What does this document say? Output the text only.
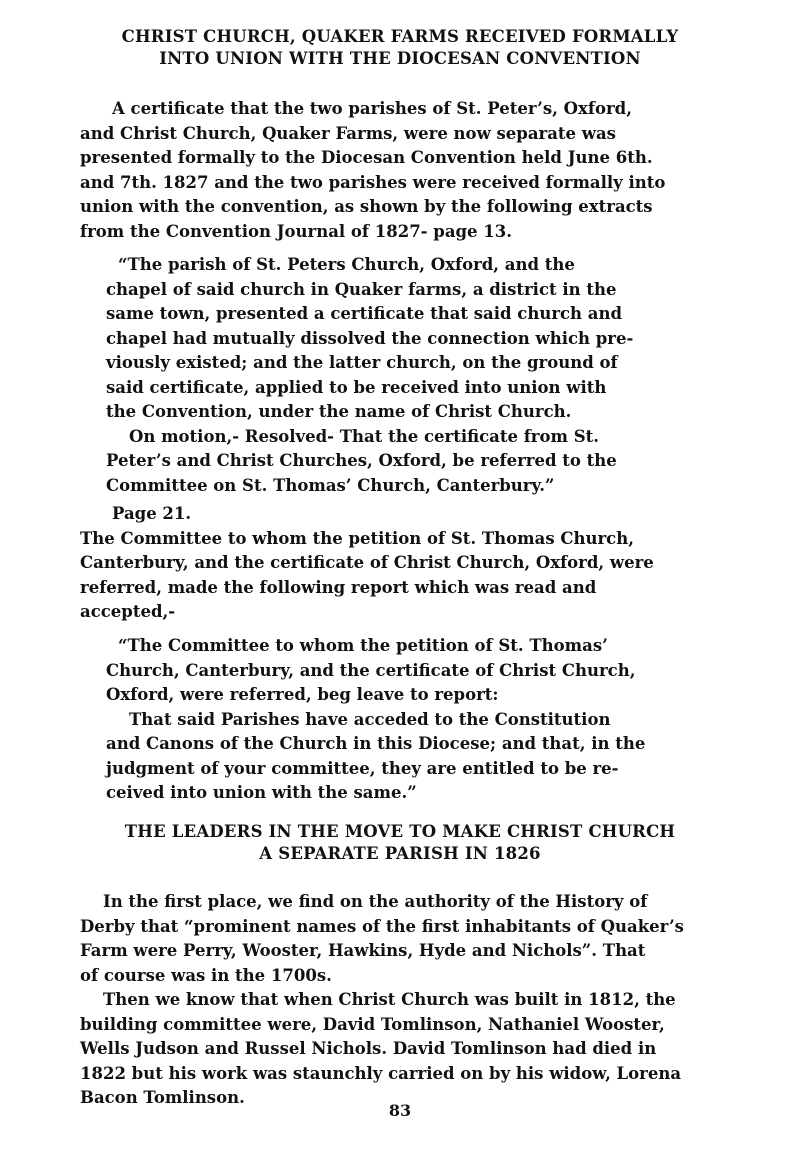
CHRIST CHURCH, QUAKER FARMS RECEIVED FORMALLY
INTO UNION WITH THE DIOCESAN CONVENTION
A certificate that the two parishes of St. Peter’s, Oxford,
and Christ Church, Quaker Farms, were now separate was
presented formally to the Diocesan Convention held June 6th.
and 7th. 1827 and the two parishes were received formally into
union with the convention, as shown by the following extracts
from the Convention Journal of 1827- page 13.
“The parish of St. Peters Church, Oxford, and the
chapel of said church in Quaker farms, a district in the
same town, presented a certificate that said church and
chapel had mutually dissolved the connection which pre-
viously existed; and the latter church, on the ground of
said certificate, applied to be received into union with
the Convention, under the name of Christ Church.
On motion,- Resolved- That the certificate from St.
Peter’s and Christ Churches, Oxford, be referred to the
Committee on St. Thomas’ Church, Canterbury.”
Page 21.
The Committee to whom the petition of St. Thomas Church,
Canterbury, and the certificate of Christ Church, Oxford, were
referred, made the following report which was read and
accepted,-
“The Committee to whom the petition of St. Thomas’
Church, Canterbury, and the certificate of Christ Church,
Oxford, were referred, beg leave to report:
That said Parishes have acceded to the Constitution
and Canons of the Church in this Diocese; and that, in the
judgment of your committee, they are entitled to be re-
ceived into union with the same.”
THE LEADERS IN THE MOVE TO MAKE CHRIST CHURCH
A SEPARATE PARISH IN 1826
In the first place, we find on the authority of the History of
Derby that “prominent names of the first inhabitants of Quaker’s
Farm were Perry, Wooster, Hawkins, Hyde and Nichols”. That
of course was in the 1700s.
Then we know that when Christ Church was built in 1812, the
building committee were, David Tomlinson, Nathaniel Wooster,
Wells Judson and Russel Nichols. David Tomlinson had died in
1822 but his work was staunchly carried on by his widow, Lorena
Bacon Tomlinson.
83
